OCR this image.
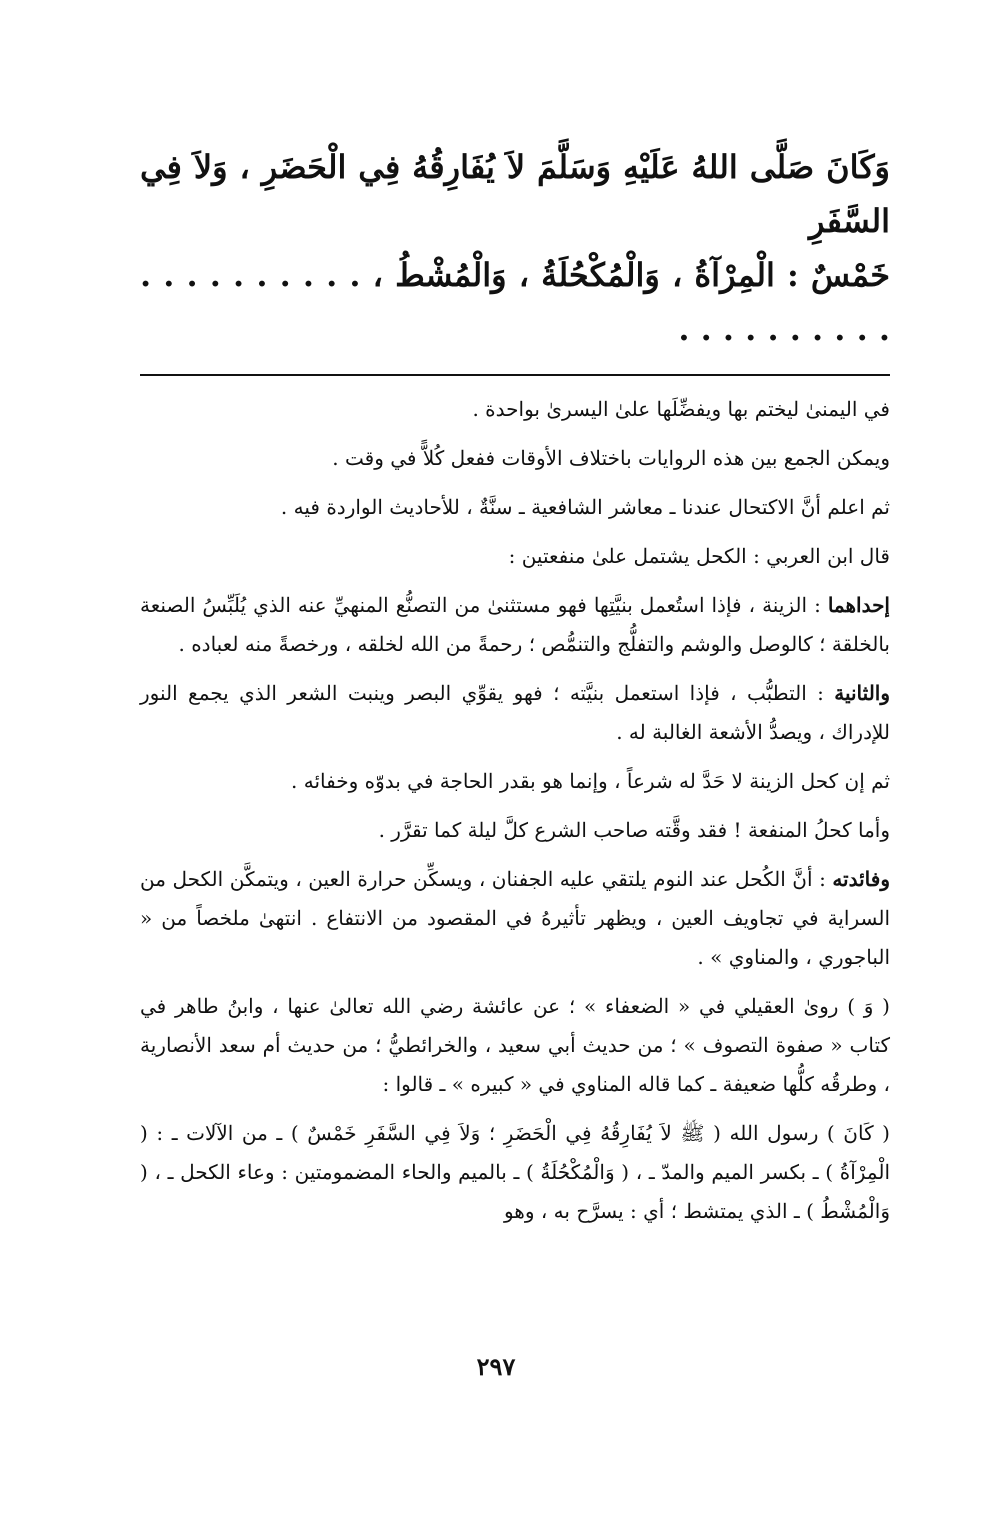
وَكَانَ صَلَّى اللهُ عَلَيْهِ وَسَلَّمَ لاَ يُفَارِقُهُ فِي الْحَضَرِ ، وَلاَ فِي السَّفَرِ

خَمْسٌ : الْمِرْآةُ ، وَالْمُكْحُلَةُ ، وَالْمُشْطُ ، . . . . . . . . . . . . . . . . . . . .

في اليمنىٰ ليختم بها ويفضِّلَها علىٰ اليسرىٰ بواحدة .

ويمكن الجمع بين هذه الروايات باختلاف الأوقات ففعل كُلاًّ في وقت .

ثم اعلم أنَّ الاكتحال عندنا ـ معاشر الشافعية ـ سنَّةٌ ، للأحاديث الواردة فيه .

قال ابن العربي : الكحل يشتمل علىٰ منفعتين :

إحداهما : الزينة ، فإذا استُعمل بنيَّتِها فهو مستثنىٰ من التصنُّع المنهيِّ عنه الذي يُلَبِّسُ الصنعة بالخلقة ؛ كالوصل والوشم والتفلُّج والتنمُّص ؛ رحمةً من الله لخلقه ، ورخصةً منه لعباده .

والثانية : التطبُّب ، فإذا استعمل بنيَّته ؛ فهو يقوِّي البصر وينبت الشعر الذي يجمع النور للإدراك ، ويصدُّ الأشعة الغالبة له .

ثم إن كحل الزينة لا حَدَّ له شرعاً ، وإنما هو بقدر الحاجة في بدوّه وخفائه .

وأما كحلُ المنفعة ! فقد وقَّته صاحب الشرع كلَّ ليلة كما تقرَّر .

وفائدته : أنَّ الكُحل عند النوم يلتقي عليه الجفنان ، ويسكِّن حرارة العين ، ويتمكَّن الكحل من السراية في تجاويف العين ، ويظهر تأثيرهُ في المقصود من الانتفاع . انتهىٰ ملخصاً من « الباجوري ، والمناوي » .

( وَ ) روىٰ العقيلي في « الضعفاء » ؛ عن عائشة رضي الله تعالىٰ عنها ، وابنُ طاهر في كتاب « صفوة التصوف » ؛ من حديث أبي سعيد ، والخرائطيُّ ؛ من حديث أم سعد الأنصارية ، وطرقُه كلُّها ضعيفة ـ كما قاله المناوي في « كبيره » ـ قالوا :

( كَانَ ) رسول الله ( ﷺ لاَ يُفَارِقُهُ فِي الْحَضَرِ ؛ وَلاَ فِي السَّفَرِ خَمْسٌ ) ـ من الآلات ـ : ( الْمِرْآةُ ) ـ بكسر الميم والمدّ ـ ، ( وَالْمُكْحُلَةُ ) ـ بالميم والحاء المضمومتين : وعاء الكحل ـ ، ( وَالْمُشْطُ ) ـ الذي يمتشط ؛ أي : يسرَّح به ، وهو

٢٩٧
